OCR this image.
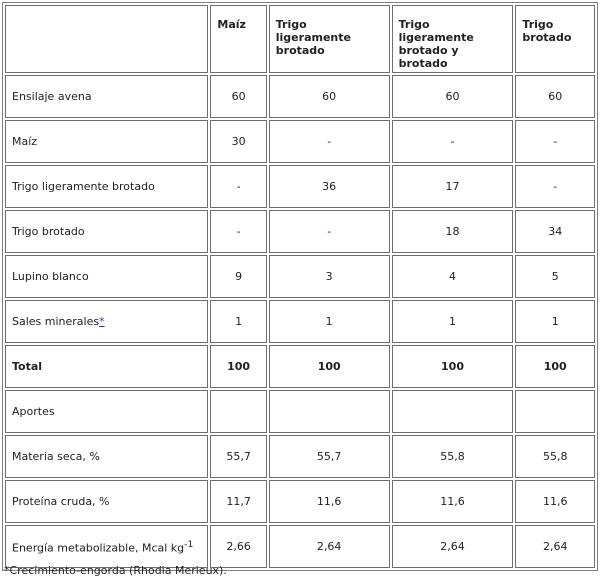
	Maíz	Trigo ligeramente brotado	Trigo ligeramente brotado y brotado	Trigo brotado
Ensilaje avena	60	60	60	60
Maíz	30	-	-	-
Trigo ligeramente brotado	-	36	17	-
Trigo brotado	-	-	18	34
Lupino blanco	9	3	4	5
Sales minerales*	1	1	1	1
Total	100	100	100	100
Aportes				
Materia seca, %	55,7	55,7	55,8	55,8
Proteína cruda, %	11,7	11,6	11,6	11,6
Energía metabolizable, Mcal $kg^{-1}$	2,66	2,64	2,64	2,64
*Crecimiento-engorda (Rhodia Merieux).
